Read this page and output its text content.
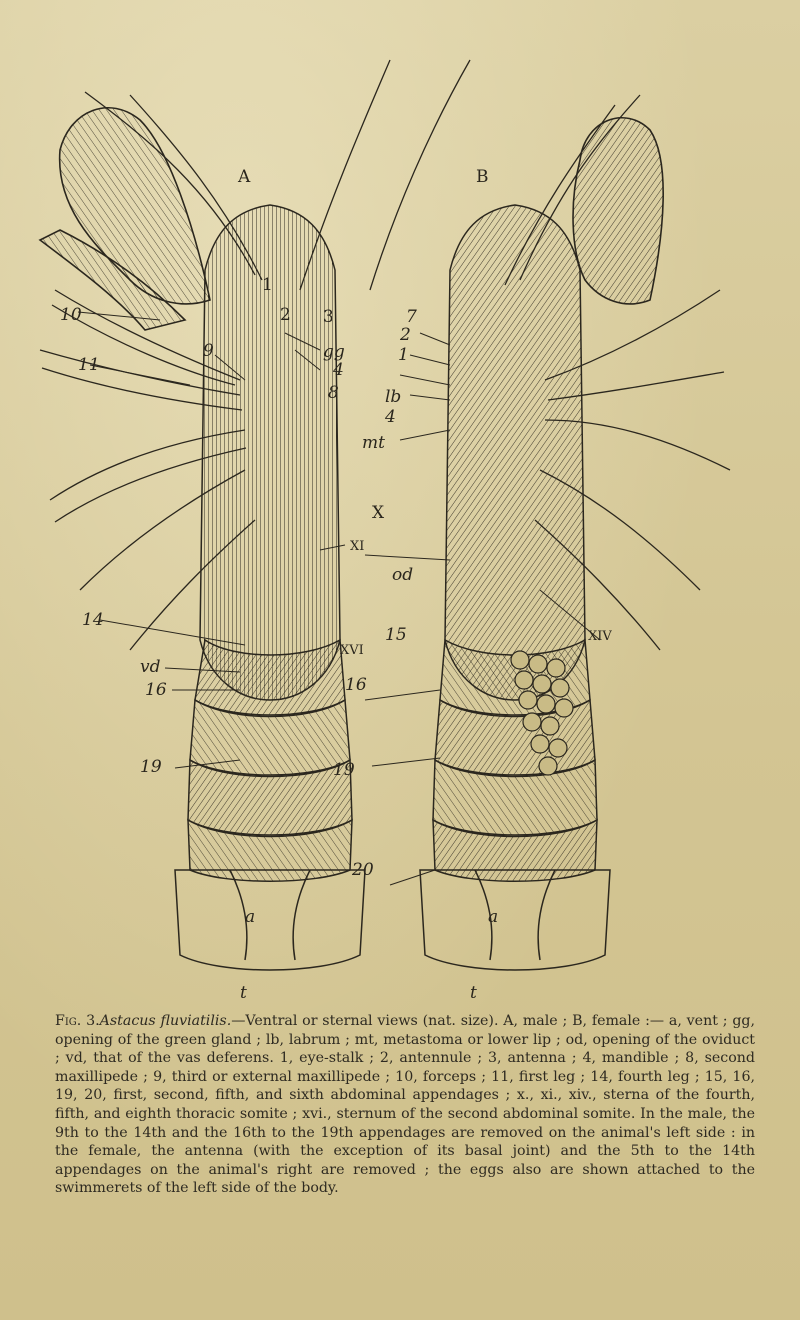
A
10
11
9
1
2 3
gg
4
8
14
vd
16
19
t
a
XI
XVI
B
7
2
1
lb
4
mt
X
od
15	XIV
16
19
20
t
a
Fig. 3.Astacus fluviatilis.—Ventral or sternal views (nat. size). A, male ; B, female :— a, vent ; gg, opening of the green gland ; lb, labrum ; mt, metastoma or lower lip ; od, opening of the oviduct ; vd, that of the vas deferens. 1, eye-stalk ; 2, antennule ; 3, antenna ; 4, mandible ; 8, second maxillipede ; 9, third or external maxillipede ; 10, forceps ; 11, first leg ; 14, fourth leg ; 15, 16, 19, 20, first, second, fifth, and sixth abdominal appendages ; x., xi., xiv., sterna of the fourth, fifth, and eighth thoracic somite ; xvi., sternum of the second abdominal somite. In the male, the 9th to the 14th and the 16th to the 19th appendages are removed on the animal's left side : in the female, the antenna (with the exception of its basal joint) and the 5th to the 14th appendages on the animal's right are removed ; the eggs also are shown attached to the swimmerets of the left side of the body.
